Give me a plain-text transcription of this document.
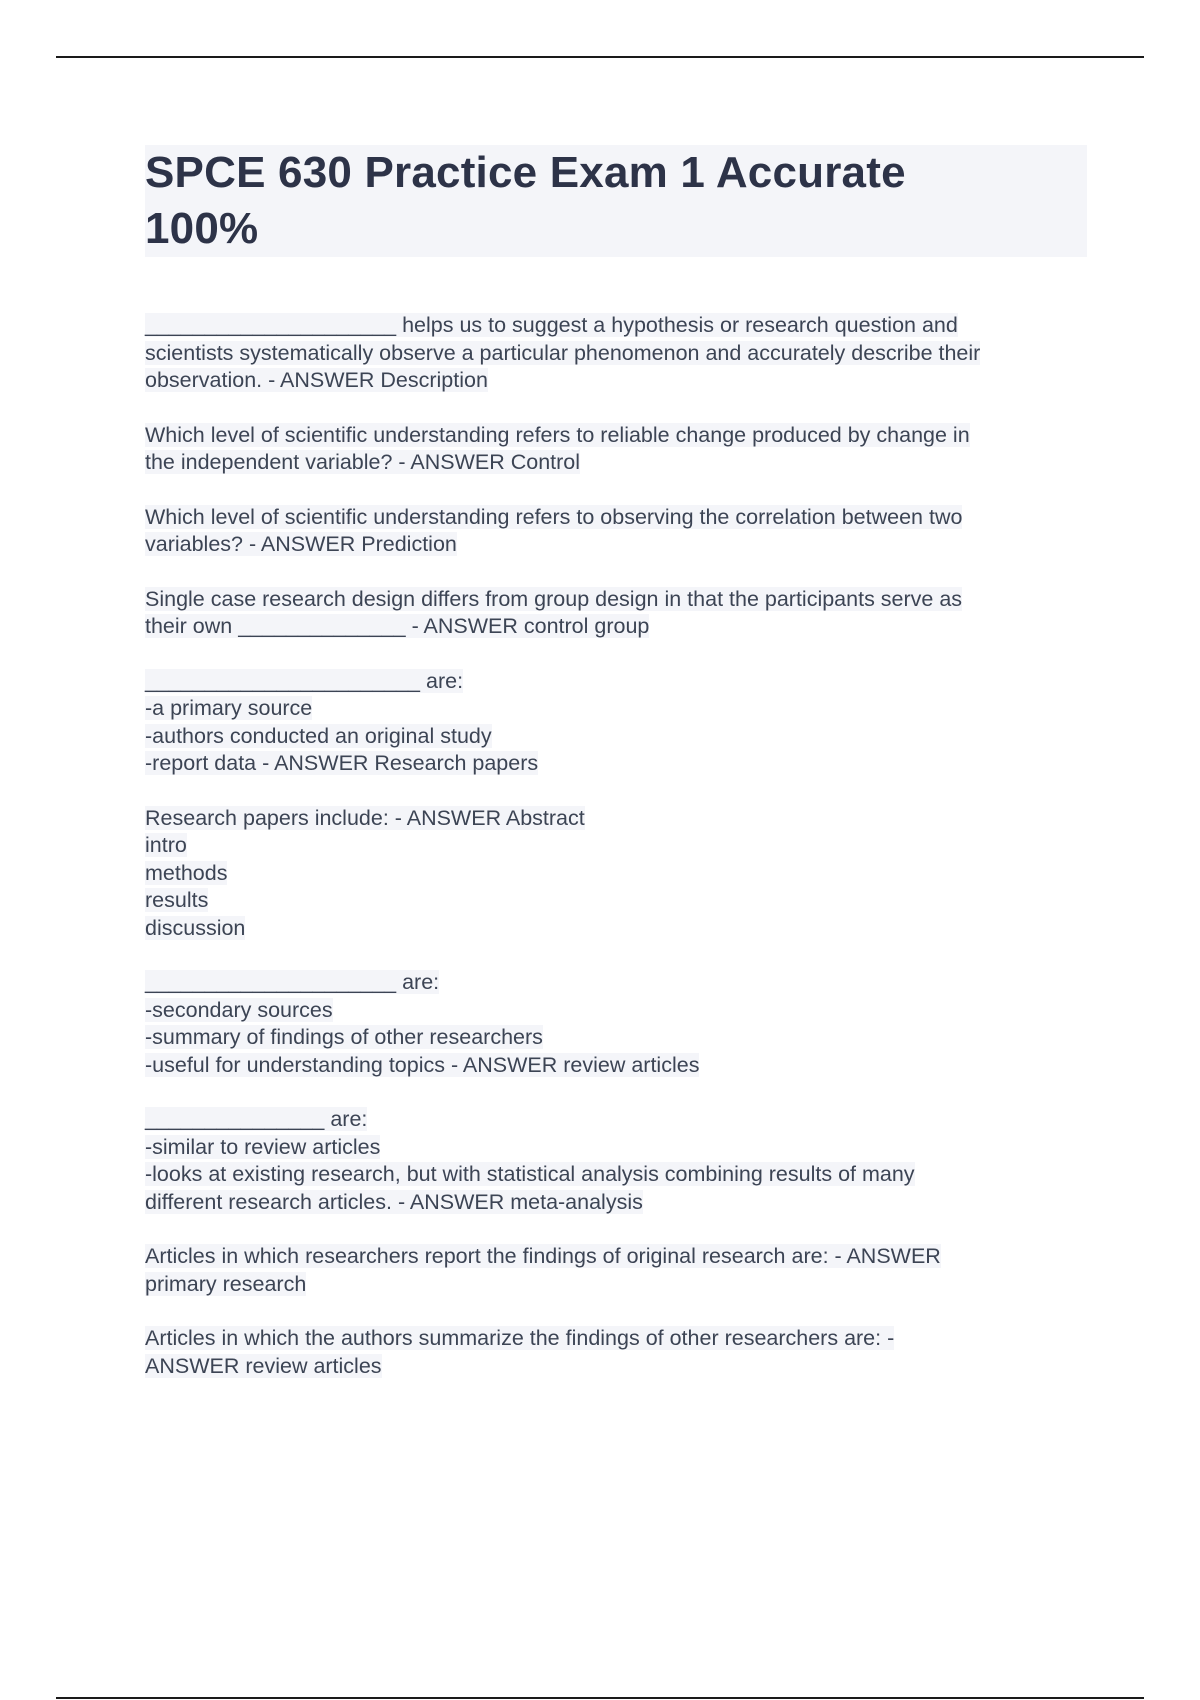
SPCE 630 Practice Exam 1 Accurate
100%
_____________________ helps us to suggest a hypothesis or research question and
scientists systematically observe a particular phenomenon and accurately describe their
observation. - ANSWER Description
Which level of scientific understanding refers to reliable change produced by change in
the independent variable? - ANSWER Control
Which level of scientific understanding refers to observing the correlation between two
variables? - ANSWER Prediction
Single case research design differs from group design in that the participants serve as
their own ______________ - ANSWER control group
_______________________ are:
-a primary source
-authors conducted an original study
-report data - ANSWER Research papers
Research papers include: - ANSWER Abstract
intro
methods
results
discussion
_____________________ are:
-secondary sources
-summary of findings of other researchers
-useful for understanding topics - ANSWER review articles
_______________ are:
-similar to review articles
-looks at existing research, but with statistical analysis combining results of many
different research articles. - ANSWER meta-analysis
Articles in which researchers report the findings of original research are: - ANSWER
primary research
Articles in which the authors summarize the findings of other researchers are: -
ANSWER review articles
